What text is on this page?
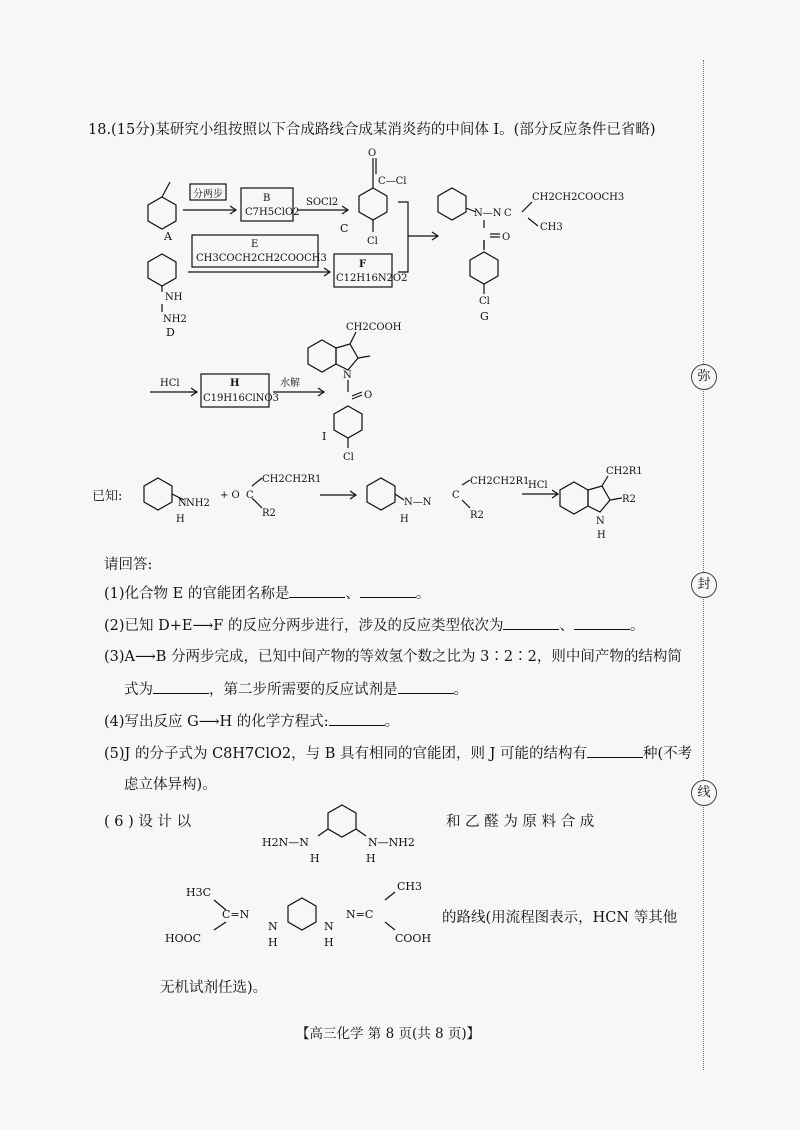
弥
封
线
18.(15分)某研究小组按照以下合成路线合成某消炎药的中间体 I。(部分反应条件已省略)
A
分两步	B
C7H5ClO2
SOCl2
O
C—Cl
C
Cl
NH
NH2
D
E
CH3COCH2CH2COOCH3
F
C12H16N2O2
N—N C
CH2CH2COOCH3
CH3
O
Cl
G
HCl	H
C19H16ClNO3
水解
CH2COOH
N
O
I
Cl
已知:	N NH2
H
+ O C
CH2CH2R1
R2
N—N
H
C
CH2CH2R1
R2
HCl
CH2R1
R2
N
H
H2N—N	N—NH2
H	H
H3C	CH3
C=N	N=C
N	N
H	H
HOOC	COOH
请回答:
(1)化合物 E 的官能团名称是	、	。
(2)已知 D+E⟶F 的反应分两步进行，涉及的反应类型依次为	、	。
(3)A⟶B 分两步完成，已知中间产物的等效氢个数之比为 3∶2∶2，则中间产物的结构简
式为	，第二步所需要的反应试剂是	。
(4)写出反应 G⟶H 的化学方程式:	。
(5)J 的分子式为 C8H7ClO2，与 B 具有相同的官能团，则 J 可能的结构有	种(不考
虑立体异构)。
( 6 ) 设 计 以	和 乙 醛 为 原 料 合 成
的路线(用流程图表示，HCN 等其他
无机试剂任选)。
【高三化学 第 8 页(共 8 页)】
